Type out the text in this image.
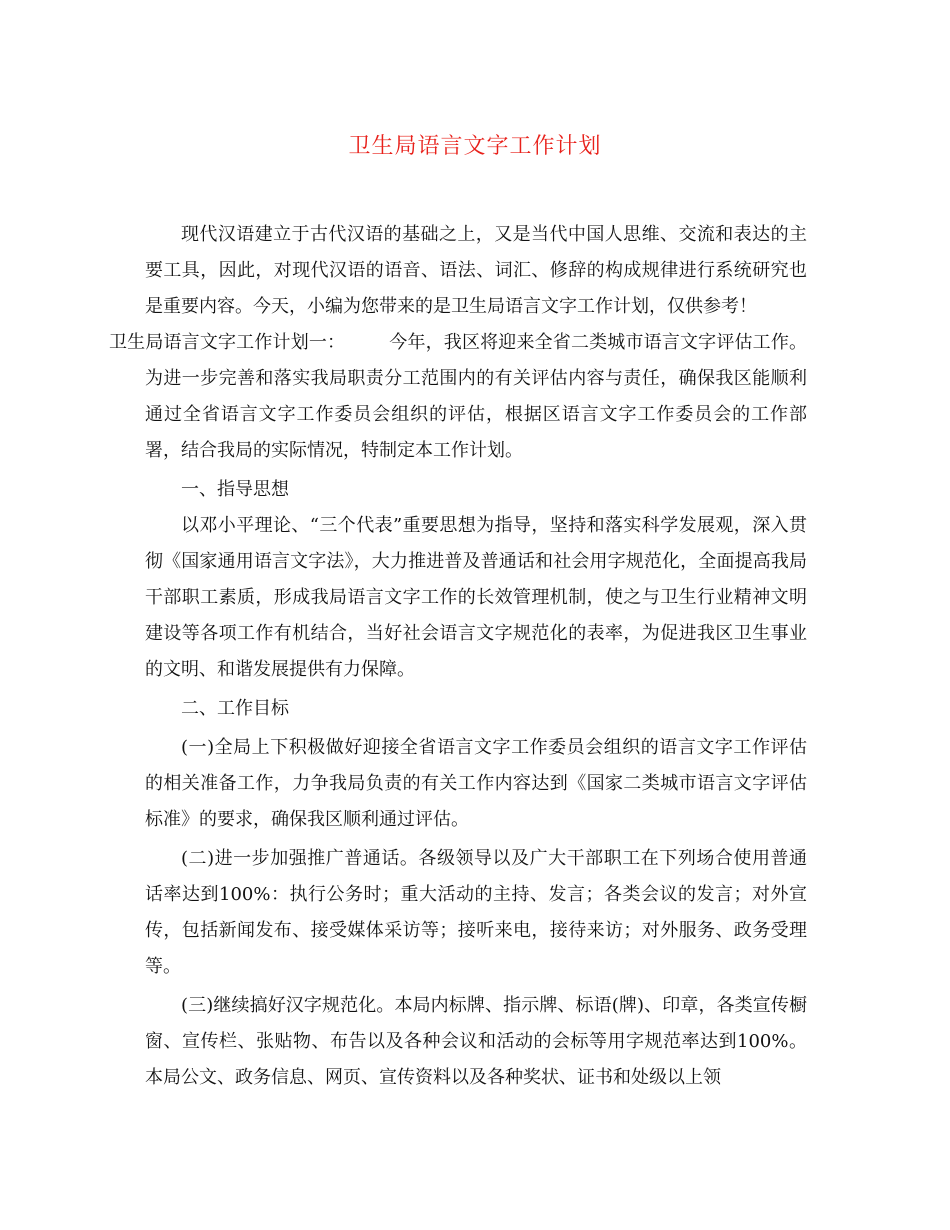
卫生局语言文字工作计划

现代汉语建立于古代汉语的基础之上，又是当代中国人思维、交流和表达的主要工具，因此，对现代汉语的语音、语法、词汇、修辞的构成规律进行系统研究也是重要内容。今天，小编为您带来的是卫生局语言文字工作计划，仅供参考！
卫生局语言文字工作计划一： 今年，我区将迎来全省二类城市语言文字评估工作。为进一步完善和落实我局职责分工范围内的有关评估内容与责任，确保我区能顺利通过全省语言文字工作委员会组织的评估，根据区语言文字工作委员会的工作部署，结合我局的实际情况，特制定本工作计划。

一、指导思想

以邓小平理论、“三个代表”重要思想为指导，坚持和落实科学发展观，深入贯彻《国家通用语言文字法》，大力推进普及普通话和社会用字规范化，全面提高我局干部职工素质，形成我局语言文字工作的长效管理机制，使之与卫生行业精神文明建设等各项工作有机结合，当好社会语言文字规范化的表率，为促进我区卫生事业的文明、和谐发展提供有力保障。

二、工作目标

(一)全局上下积极做好迎接全省语言文字工作委员会组织的语言文字工作评估的相关准备工作，力争我局负责的有关工作内容达到《国家二类城市语言文字评估标准》的要求，确保我区顺利通过评估。

(二)进一步加强推广普通话。各级领导以及广大干部职工在下列场合使用普通话率达到100%：执行公务时；重大活动的主持、发言；各类会议的发言；对外宣传，包括新闻发布、接受媒体采访等；接听来电，接待来访；对外服务、政务受理等。

(三)继续搞好汉字规范化。本局内标牌、指示牌、标语(牌)、印章，各类宣传橱窗、宣传栏、张贴物、布告以及各种会议和活动的会标等用字规范率达到100%。本局公文、政务信息、网页、宣传资料以及各种奖状、证书和处级以上领
